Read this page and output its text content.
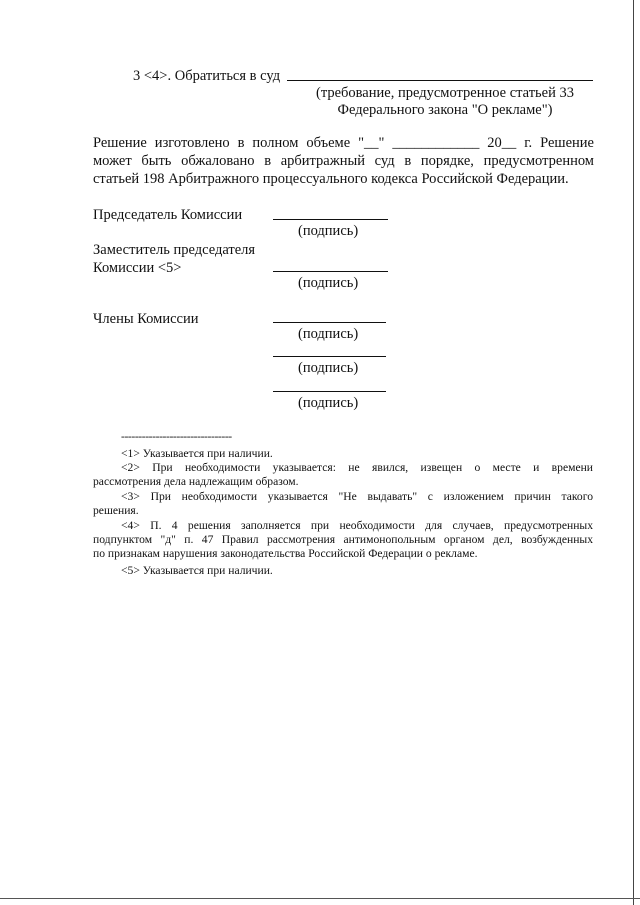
3 <4>. Обратиться в суд
(требование, предусмотренное статьей 33
Федерального закона "О рекламе")
Решение изготовлено в полном объеме "__" ____________ 20__ г. Решение
может быть обжаловано в арбитражный суд в порядке, предусмотренном
статьей 198 Арбитражного процессуального кодекса Российской Федерации.
Председатель Комиссии
(подпись)
Заместитель председателя
Комиссии <5>
(подпись)
Члены Комиссии
(подпись)
(подпись)
(подпись)
--------------------------------
<1> Указывается при наличии.
<2> При необходимости указывается: не явился, извещен о месте и времени
рассмотрения дела надлежащим образом.
<3> При необходимости указывается "Не выдавать" с изложением причин такого
решения.
<4> П. 4 решения заполняется при необходимости для случаев, предусмотренных
подпунктом "д" п. 47 Правил рассмотрения антимонопольным органом дел, возбужденных
по признакам нарушения законодательства Российской Федерации о рекламе.
<5> Указывается при наличии.
